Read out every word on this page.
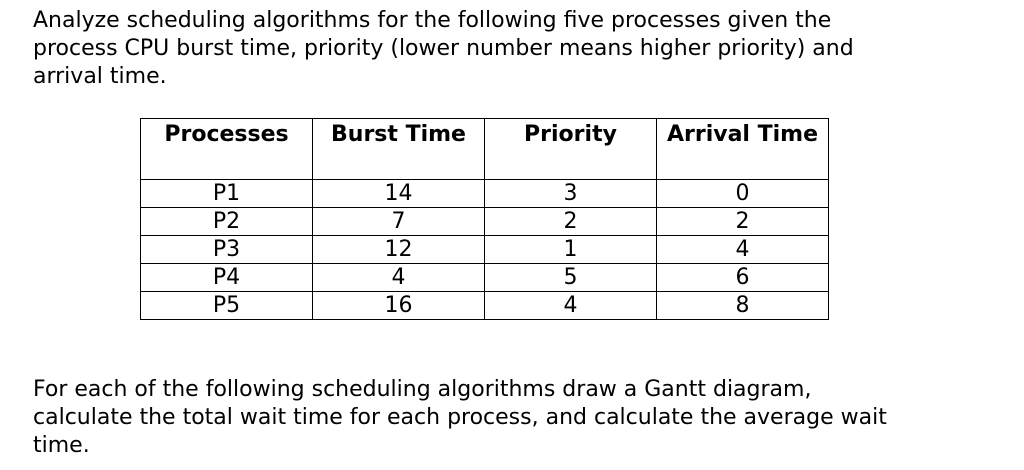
Analyze scheduling algorithms for the following five processes given the
process CPU burst time, priority (lower number means higher priority) and
arrival time.

Processes	Burst Time	Priority	Arrival Time
P1	14	3	0
P2	7	2	2
P3	12	1	4
P4	4	5	6
P5	16	4	8

For each of the following scheduling algorithms draw a Gantt diagram,
calculate the total wait time for each process, and calculate the average wait
time.
